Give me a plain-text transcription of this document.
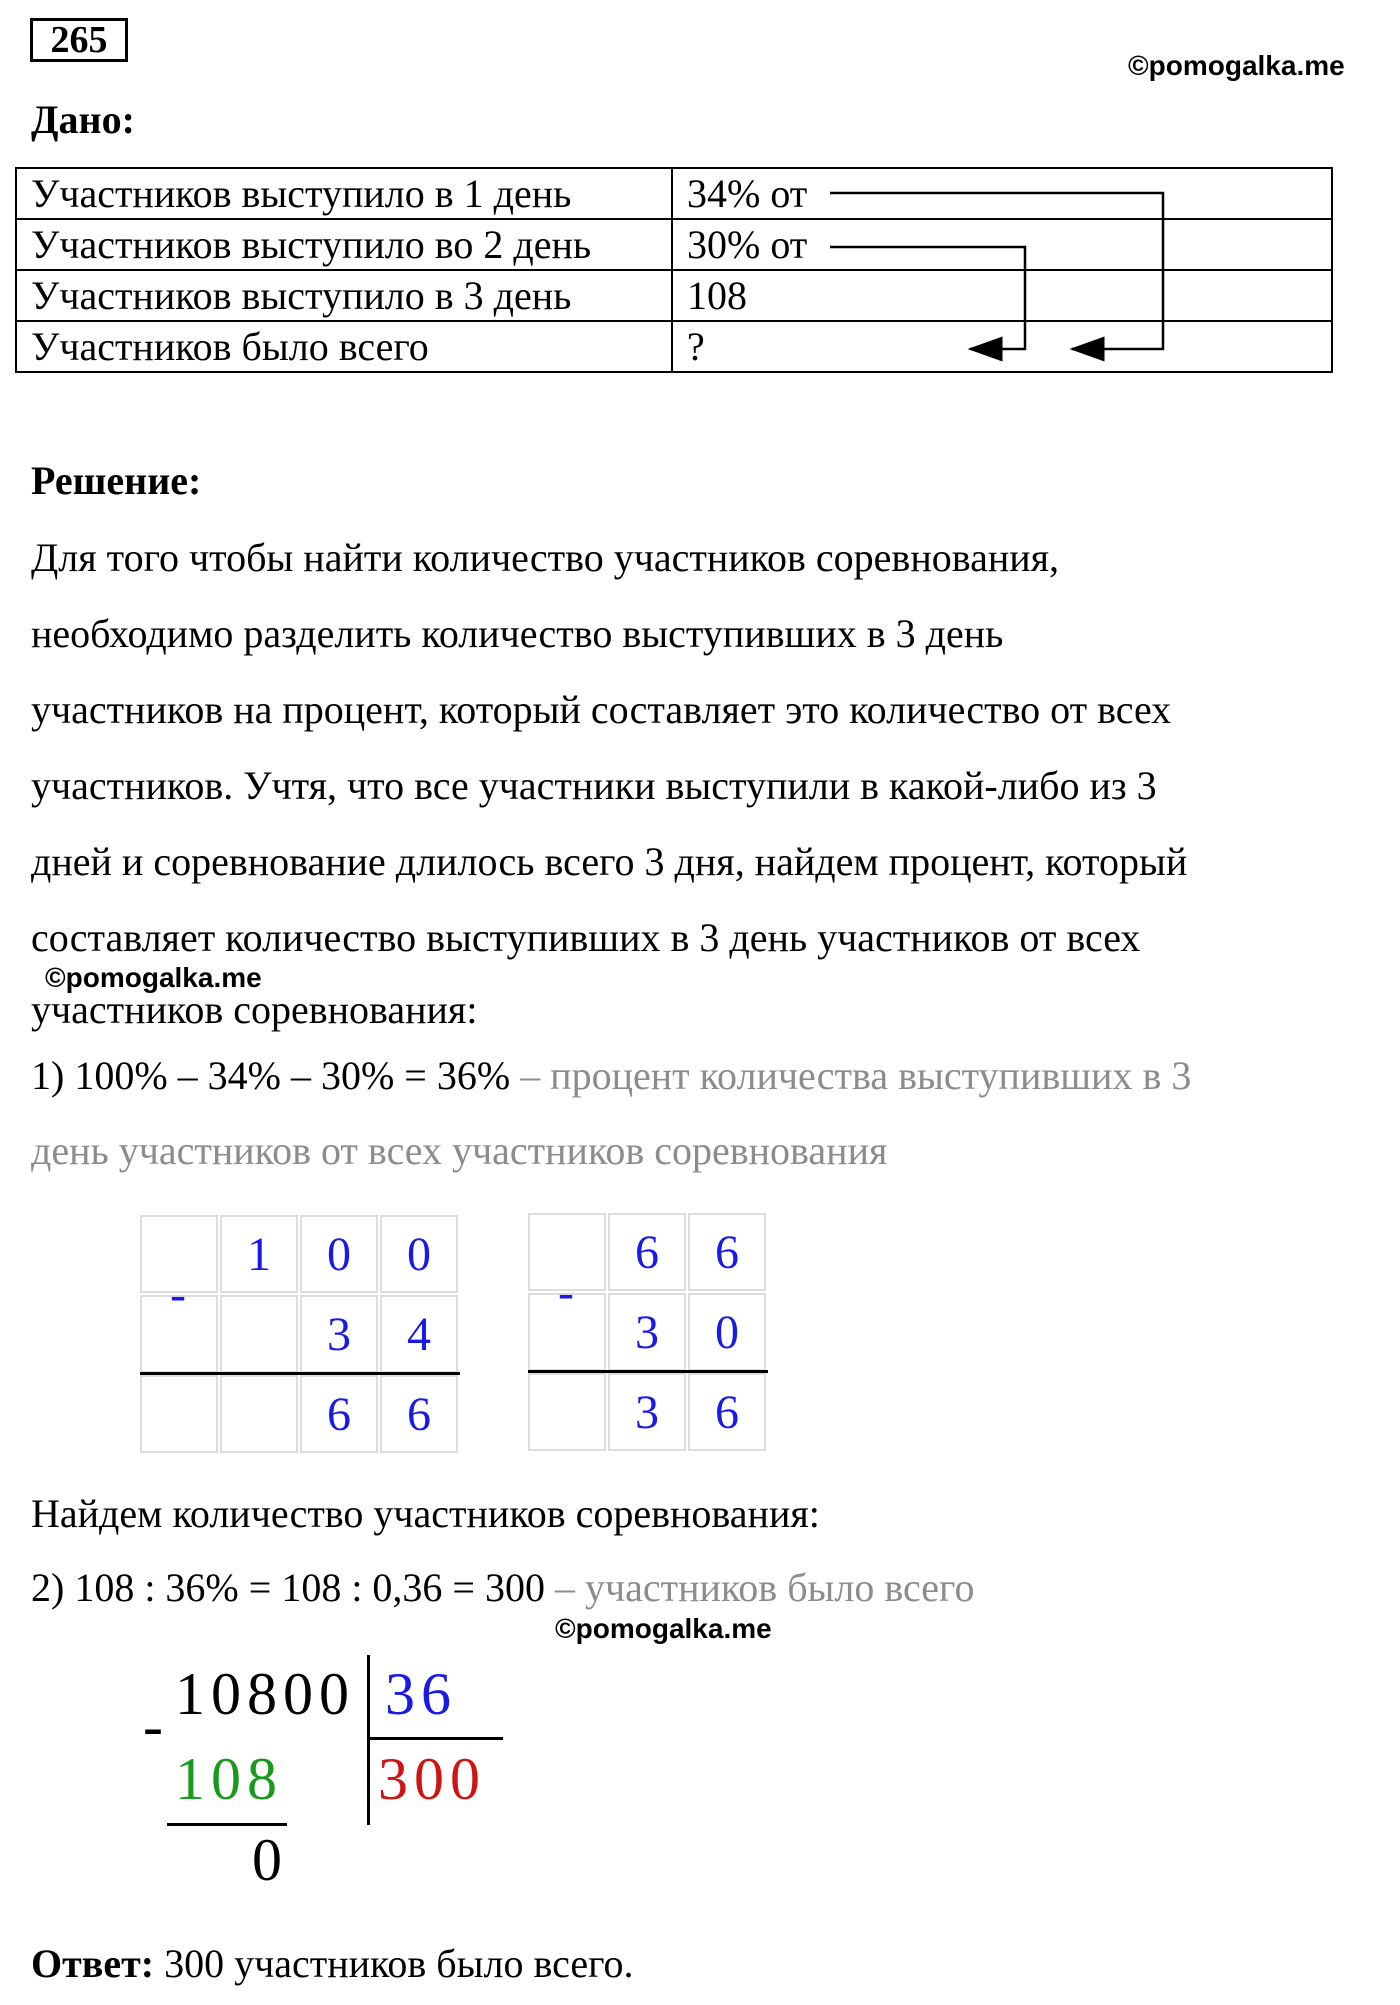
265
©pomogalka.me
Дано:
Участников выступило в 1 день	34% от
Участников выступило во 2 день	30% от
Участников выступило в 3 день	108
Участников было всего	?
Решение:
Для того чтобы найти количество участников соревнования,
необходимо разделить количество выступивших в 3 день
участников на процент, который составляет это количество от всех
участников. Учтя, что все участники выступили в какой-либо из 3
дней и соревнование длилось всего 3 дня, найдем процент, который
составляет количество выступивших в 3 день участников от всех
©pomogalka.me
участников соревнования:
1) 100% – 34% – 30% = 36% – процент количества выступивших в 3
день участников от всех участников соревнования
1	0	0
3	4
6	6
-
6	6
3	0
3	6
-
Найдем количество участников соревнования:
2) 108 : 36% = 108 : 0,36 = 300 – участников было всего
©pomogalka.me
10800 36
-
108 300
0
Ответ: 300 участников было всего.
